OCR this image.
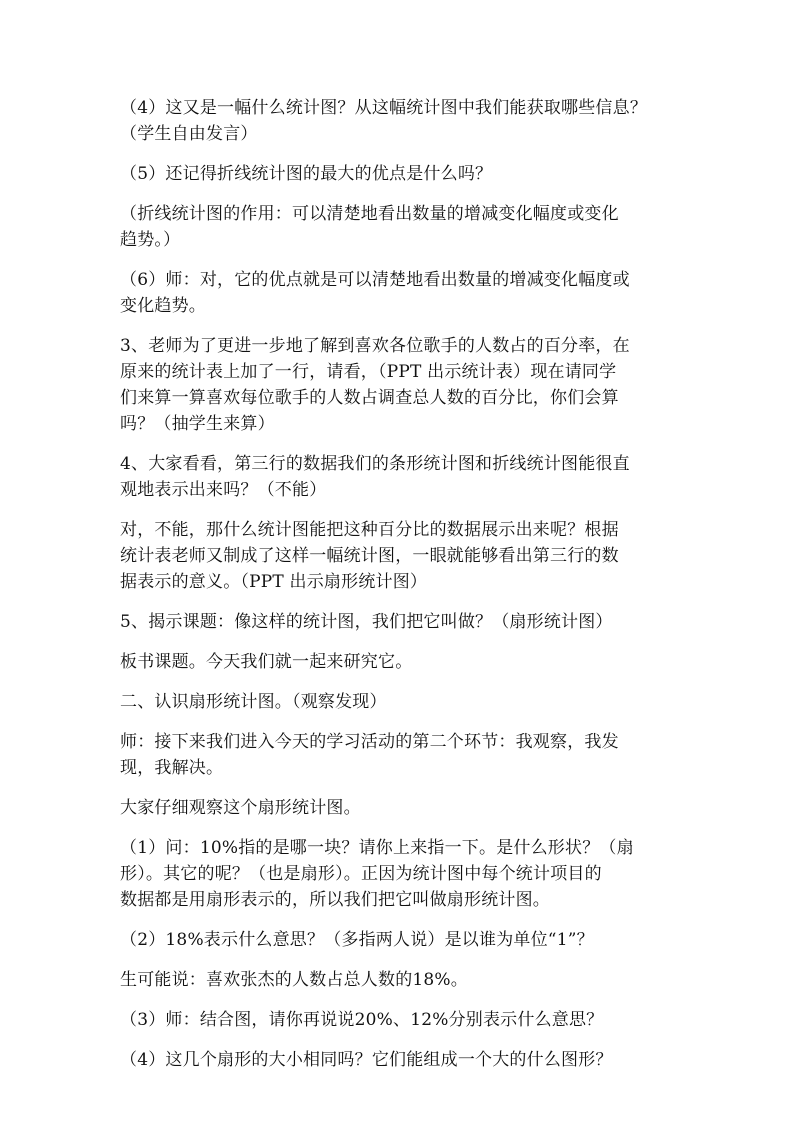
（4）这又是一幅什么统计图？从这幅统计图中我们能获取哪些信息？
（学生自由发言）
（5）还记得折线统计图的最大的优点是什么吗？
（折线统计图的作用：可以清楚地看出数量的增减变化幅度或变化
趋势。）
（6）师：对，它的优点就是可以清楚地看出数量的增减变化幅度或
变化趋势。
3、老师为了更进一步地了解到喜欢各位歌手的人数占的百分率，在
原来的统计表上加了一行，请看，（PPT 出示统计表）现在请同学
们来算一算喜欢每位歌手的人数占调查总人数的百分比，你们会算
吗？（抽学生来算）
4、大家看看，第三行的数据我们的条形统计图和折线统计图能很直
观地表示出来吗？（不能）
对，不能，那什么统计图能把这种百分比的数据展示出来呢？根据
统计表老师又制成了这样一幅统计图，一眼就能够看出第三行的数
据表示的意义。（PPT 出示扇形统计图）
5、揭示课题：像这样的统计图，我们把它叫做？（扇形统计图）
板书课题。今天我们就一起来研究它。
二、认识扇形统计图。（观察发现）
师：接下来我们进入今天的学习活动的第二个环节：我观察，我发
现，我解决。
大家仔细观察这个扇形统计图。
（1）问：10%指的是哪一块？请你上来指一下。是什么形状？（扇
形）。其它的呢？（也是扇形）。正因为统计图中每个统计项目的
数据都是用扇形表示的，所以我们把它叫做扇形统计图。
（2）18%表示什么意思？（多指两人说）是以谁为单位“1”？
生可能说：喜欢张杰的人数占总人数的18%。
（3）师：结合图，请你再说说20%、12%分别表示什么意思？
（4）这几个扇形的大小相同吗？它们能组成一个大的什么图形？
